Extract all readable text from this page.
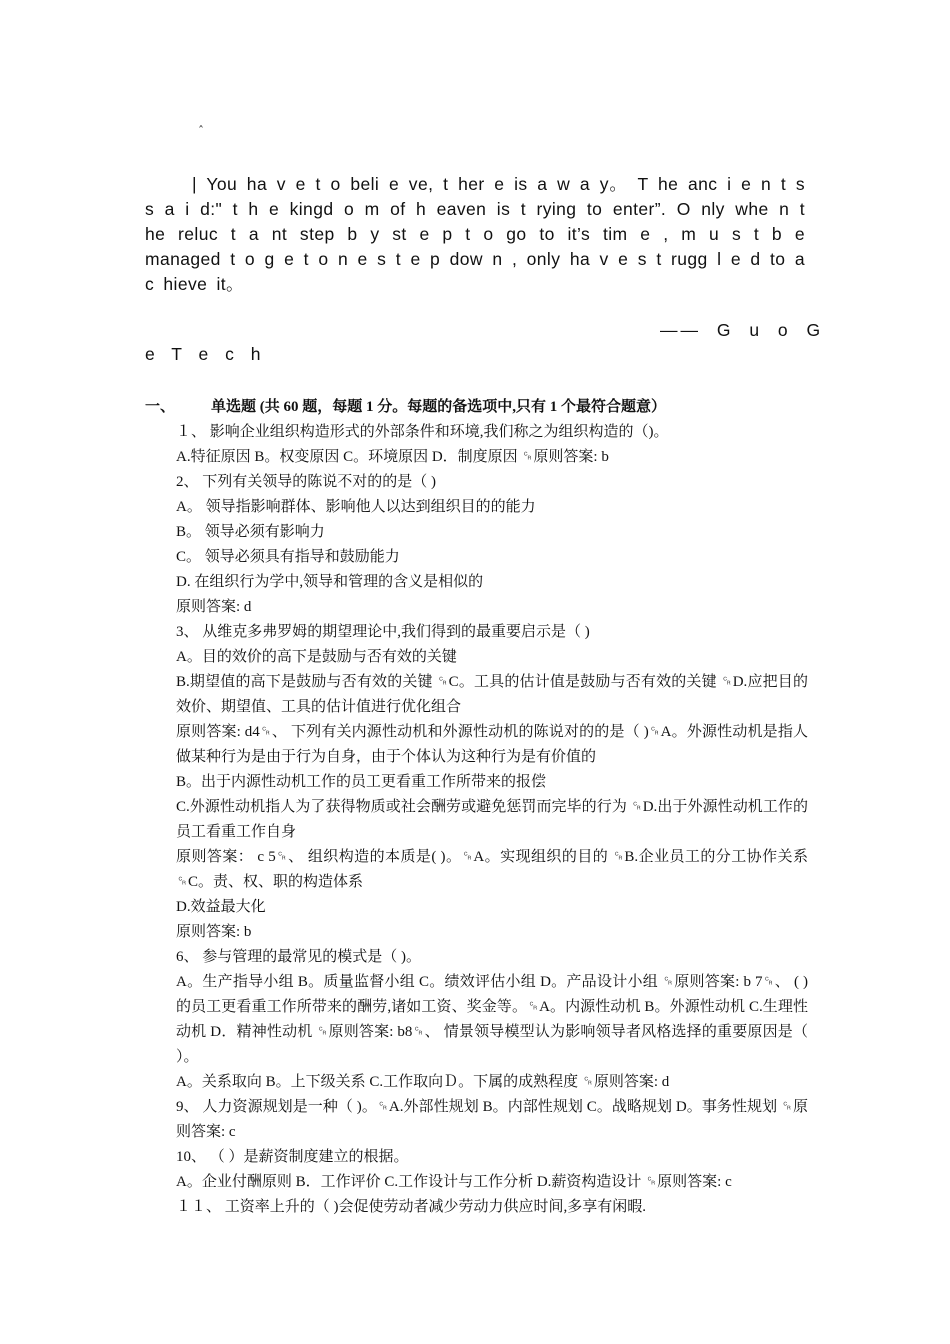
ˆ

| You ha v e t o beli e ve, t her e is a w a y。 T he anc i e n t s s a i d:" t h e kingd o m of h eaven is t rying to enter”. O nly whe n t he reluc t a nt step b y st e p t o go to it’s tim e , m u s t b e managed t o g e t o n e s t e p dow n , only ha v e s t rugg l e d to a c hieve it。

—— G u o G
e T e c h
一、 单选题 (共 60 题，每题 1 分。每题的备选项中,只有 1 个最符合题意）
１、 影响企业组织构造形式的外部条件和环境,我们称之为组织构造的（)。
A.特征原因 B。权变原因 C。环境原因 D．制度原因 ␍原则答案: b
2、 下列有关领导的陈说不对的的是（ )
A。 领导指影响群体、影响他人以达到组织目的的能力
B。 领导必须有影响力
C。 领导必须具有指导和鼓励能力
D. 在组织行为学中,领导和管理的含义是相似的
原则答案: d
3、 从维克多弗罗姆的期望理论中,我们得到的最重要启示是（ )
A。目的效价的高下是鼓励与否有效的关键
B.期望值的高下是鼓励与否有效的关键 ␍C。工具的估计值是鼓励与否有效的关键 ␍D.应把目的效价、期望值、工具的估计值进行优化组合
原则答案: d4␍、 下列有关内源性动机和外源性动机的陈说对的的是（ )␍A。外源性动机是指人做某种行为是由于行为自身，由于个体认为这种行为是有价值的
B。出于内源性动机工作的员工更看重工作所带来的报偿
C.外源性动机指人为了获得物质或社会酬劳或避免惩罚而完毕的行为 ␍D.出于外源性动机工作的员工看重工作自身
原则答案： c 5␍、 组织构造的本质是( )。␍A。实现组织的目的 ␍B.企业员工的分工协作关系 ␍C。责、权、职的构造体系
D.效益最大化
原则答案: b
6、 参与管理的最常见的模式是（ )。
A。生产指导小组 B。质量监督小组 C。绩效评估小组 D。产品设计小组 ␍原则答案: b 7␍、 ( )的员工更看重工作所带来的酬劳,诸如工资、奖金等。␍A。内源性动机 B。外源性动机 C.生理性动机 D．精神性动机 ␍原则答案: b8␍、 情景领导模型认为影响领导者风格选择的重要原因是（ ）。
A。关系取向 B。上下级关系 C.工作取向Ｄ。下属的成熟程度 ␍原则答案: d
9、 人力资源规划是一种（ )。␍A.外部性规划 B。内部性规划 C。战略规划 D。事务性规划 ␍原则答案: c
10、 （ ）是薪资制度建立的根据。
A。企业付酬原则 B．工作评价 C.工作设计与工作分析 D.薪资构造设计 ␍原则答案: c
１１、 工资率上升的（ )会促使劳动者减少劳动力供应时间,多享有闲暇.
